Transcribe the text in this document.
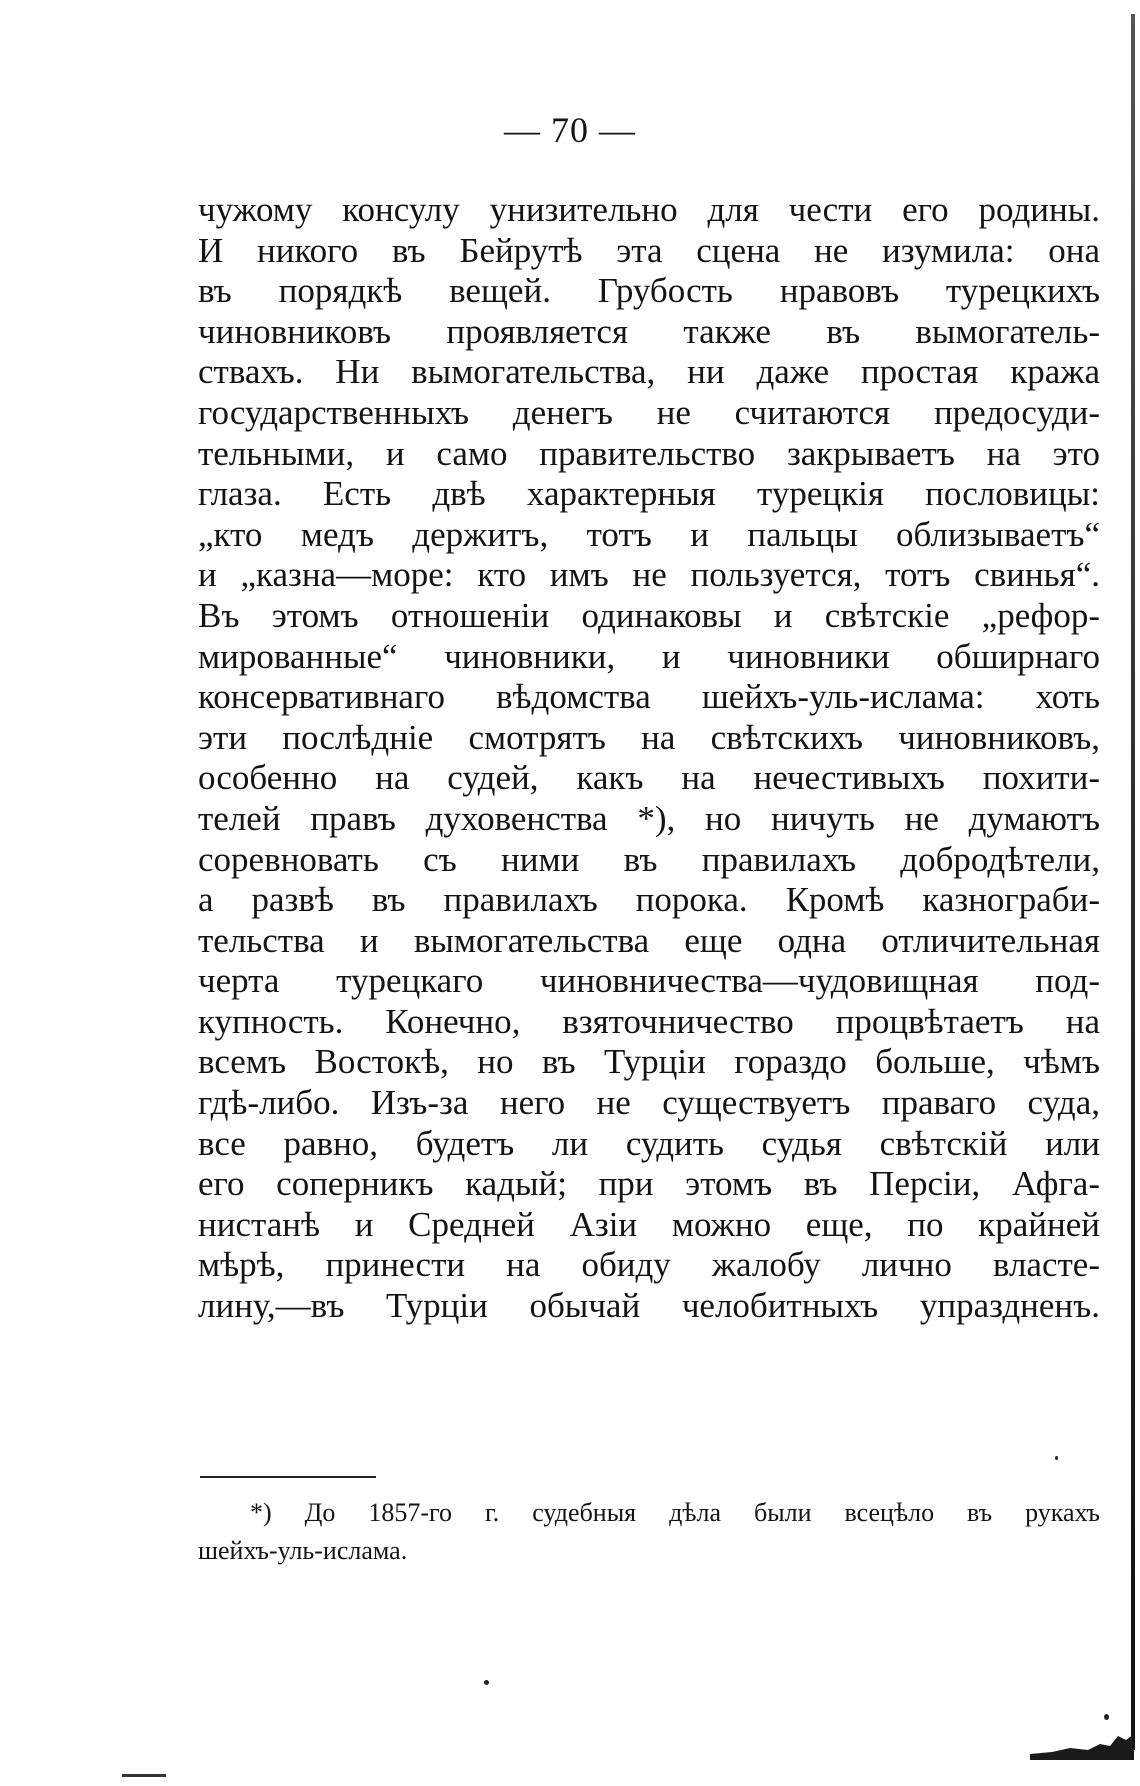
— 70 —
чужому консулу унизительно для чести его родины.
И никого въ Бейрутѣ эта сцена не изумила: она
въ порядкѣ вещей. Грубость нравовъ турецкихъ
чиновниковъ проявляется также въ вымогатель-
ствахъ. Ни вымогательства, ни даже простая кража
государственныхъ денегъ не считаются предосуди-
тельными, и само правительство закрываетъ на это
глаза. Есть двѣ характерныя турецкія пословицы:
„кто медъ держитъ, тотъ и пальцы облизываетъ“
и „казна—море: кто имъ не пользуется, тотъ свинья“.
Въ этомъ отношеніи одинаковы и свѣтскіе „рефор-
мированные“ чиновники, и чиновники обширнаго
консервативнаго вѣдомства шейхъ-уль-ислама: хоть
эти послѣдніе смотрятъ на свѣтскихъ чиновниковъ,
особенно на судей, какъ на нечестивыхъ похити-
телей правъ духовенства *), но ничуть не думаютъ
соревновать съ ними въ правилахъ добродѣтели,
а развѣ въ правилахъ порока. Кромѣ казнограби-
тельства и вымогательства еще одна отличительная
черта турецкаго чиновничества—чудовищная под-
купность. Конечно, взяточничество процвѣтаетъ на
всемъ Востокѣ, но въ Турціи гораздо больше, чѣмъ
гдѣ-либо. Изъ-за него не существуетъ праваго суда,
все равно, будетъ ли судить судья свѣтскій или
его соперникъ кадый; при этомъ въ Персіи, Афга-
нистанѣ и Средней Азіи можно еще, по крайней
мѣрѣ, принести на обиду жалобу лично власте-
лину,—въ Турціи обычай челобитныхъ упраздненъ.
*) До 1857-го г. судебныя дѣла были всецѣло въ рукахъ
шейхъ-уль-ислама.
